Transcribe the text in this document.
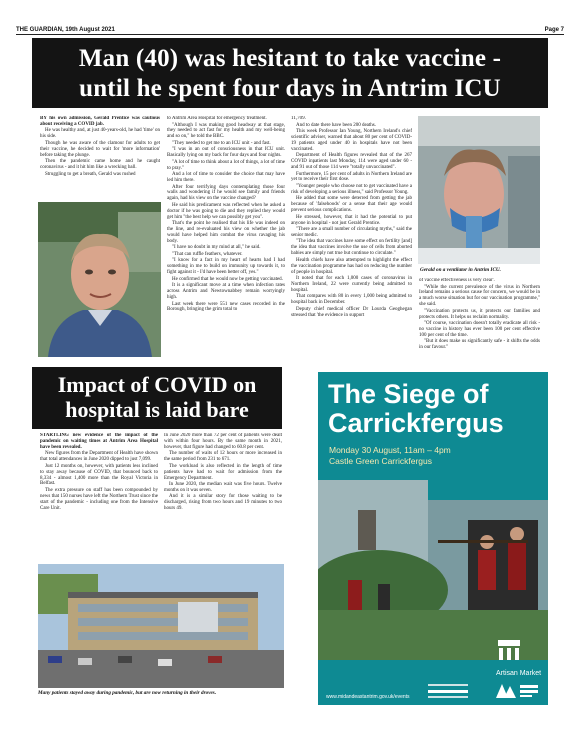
THE GUARDIAN, 19th August 2021	Page 7
Man (40) was hesitant to take vaccine -
until he spent four days in Antrim ICU

BY his own admission, Gerald Prentice was cautious about receiving a COVID jab.

He was healthy and, at just 40-years-old, he had 'time' on his side.

Though he was aware of the clamour for adults to get their vaccine, he decided to wait for 'more information' before taking the plunge.

Then the pandemic came home and he caught coronavirus - and it hit him like a wrecking ball.

Struggling to get a breath, Gerald was rushed

to Antrim Area Hospital for emergency treatment.

"Although I was making good headway at that stage, they needed to act fast for my health and my well-being and so on," he told the BBC.

"They needed to get me to an ICU unit - and fast.

"I was in an out of consciousness in that ICU unit. Basically lying on my back for four days and four nights.

"A lot of time to think about a lot of things, a lot of time to pray."

And a lot of time to consider the choice that may have led him there.

After four terrifying days contemplating those four walls and wondering if he would see family and friends again, had his view on the vaccine changed?

He said his predicament was reflected when he asked a doctor if he was going to die and they replied they would get him "the best help we can possibly get you".

That's the point he realised that his life was indeed on the line, and re-evaluated his view on whether the jab would have helped him combat the virus ravaging his body.

"I have no doubt in my mind at all," he said.

"That can ruffle feathers, whatever.

"I know for a fact in my heart of hearts had I had something in me to build on immunity up towards it, to fight against it - I'd have been better off, yes."

He confirmed that he would now be getting vaccinated.

It is a significant move at a time when infection rates across Antrim and Newtownabbey remain worryingly high.

Last week there were 551 new cases recorded in the Borough, bringing the grim total to

11,709.

And to date there have been 200 deaths.

This week Professor Ian Young, Northern Ireland's chief scientific adviser, warned that about 80 per cent of COVID-19 patients aged under 40 in hospitals have not been vaccinated.

Department of Health figures revealed that of the 267 COVID inpatients last Monday, 114 were aged under 60 - and 91 out of those 114 were "totally unvaccinated".

Furthermore, 15 per cent of adults in Northern Ireland are yet to receive their first dose.

"Younger people who choose not to get vaccinated have a risk of developing a serious illness," said Professor Young.

He added that some were deterred from getting the jab because of 'falsehoods' or a sense that their age would prevent serious complications.

He stressed, however, that it had the potential to put anyone in hospital - not just Gerald Prentice.

"There are a small number of circulating myths," said the senior medic.

"The idea that vaccines have some effect on fertility [and] the idea that vaccines involve the use of cells from aborted babies are simply not true but continue to circulate."

Health chiefs have also attempted to highlight the effect the vaccination programme has had on reducing the number of people in hospital.

It noted that for each 1,000 cases of coronavirus in Northern Ireland, 22 were currently being admitted to hospital.

That compares with 80 in every 1,000 being admitted to hospital back in December.

Deputy chief medical officer Dr Lourda Geoghegan stressed that 'the evidence in support

Gerald on a ventilator in Antrim ICU.

of vaccine effectiveness is very clear'.

"While the current prevalence of the virus in Northern Ireland remains a serious cause for concern, we would be in a much worse situation but for our vaccination programme," she said.

"Vaccination protects us, it protects our families and protects others. It helps us reclaim normality.

"Of course, vaccination doesn't totally eradicate all risk - no vaccine in history has ever been 100 per cent effective 100 per cent of the time.

"But it does make us significantly safe - it shifts the odds in our favour."

Impact of COVID on
hospital is laid bare

STARTLING new evidence of the impact of the pandemic on waiting times at Antrim Area Hospital have been revealed.

New figures from the Department of Health have shown that total attendances in June 2020 dipped to just 7,099.

Just 12 months on, however, with patients less inclined to stay away because of COVID, that bounced back to 8,334 - almost 1,400 more than the Royal Victoria in Belfast.

The extra pressure on staff has been compounded by news that 150 nurses have left the Northern Trust since the start of the pandemic - including one from the Intensive Care Unit.

In June 2020 more than 72 per cent of patients were dealt with within four hours. By the same month in 2021, however, that figure had changed to 60.8 per cent.

The number of waits of 12 hours or more increased in the same period from 231 to 671.

The workload is also reflected in the length of time patients have had to wait for admission from the Emergency Department.

In June 2020, the median wait was five hours. Twelve months on it was seven.

And it is a similar story for those waiting to be discharged, rising from two hours and 19 minutes to two hours 49.

Many patients stayed away during pandemic, but are now returning in their droves.
The Siege of
Carrickfergus
Monday 30 August, 11am – 4pm
Castle Green Carrickfergus
Artisan Market
www.midandeastantrim.gov.uk/events
